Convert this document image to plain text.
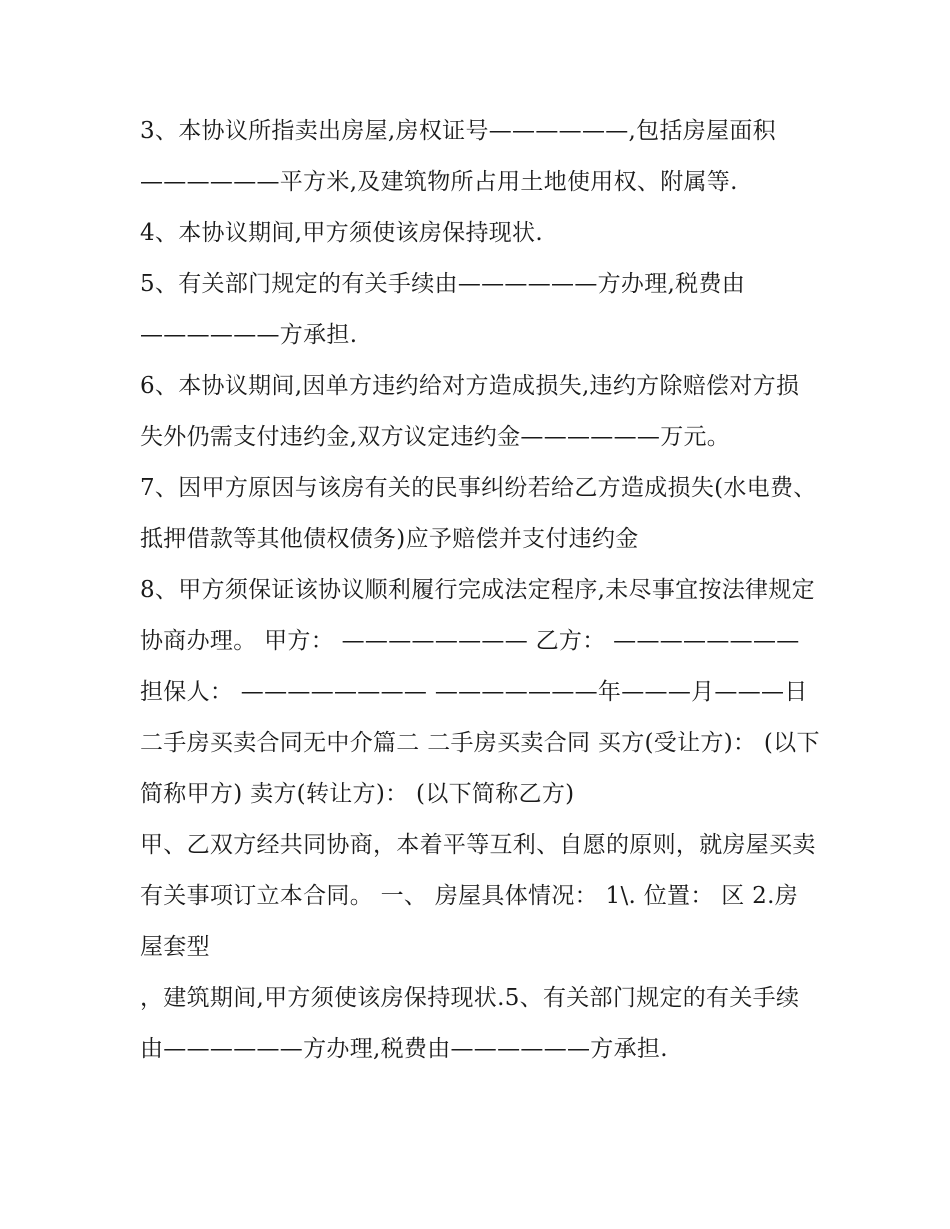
3、本协议所指卖出房屋,房权证号——————,包括房屋面积——————平方米,及建筑物所占用土地使用权、附属等.

4、本协议期间,甲方须使该房保持现状.

5、有关部门规定的有关手续由——————方办理,税费由——————方承担.

6、本协议期间,因单方违约给对方造成损失,违约方除赔偿对方损失外仍需支付违约金,双方议定违约金——————万元。

7、因甲方原因与该房有关的民事纠纷若给乙方造成损失(水电费、抵押借款等其他债权债务)应予赔偿并支付违约金

8、甲方须保证该协议顺利履行完成法定程序,未尽事宜按法律规定协商办理。 甲方： ———————— 乙方： ———————— 担保人： ———————— ———————年———月———日 二手房买卖合同无中介篇二 二手房买卖合同 买方(受让方)： (以下简称甲方) 卖方(转让方)： (以下简称乙方)

甲、乙双方经共同协商，本着平等互利、自愿的原则，就房屋买卖有关事项订立本合同。 一、 房屋具体情况： 1\. 位置： 区 2.房屋套型

，建筑期间,甲方须使该房保持现状.5、有关部门规定的有关手续由——————方办理,税费由——————方承担.
